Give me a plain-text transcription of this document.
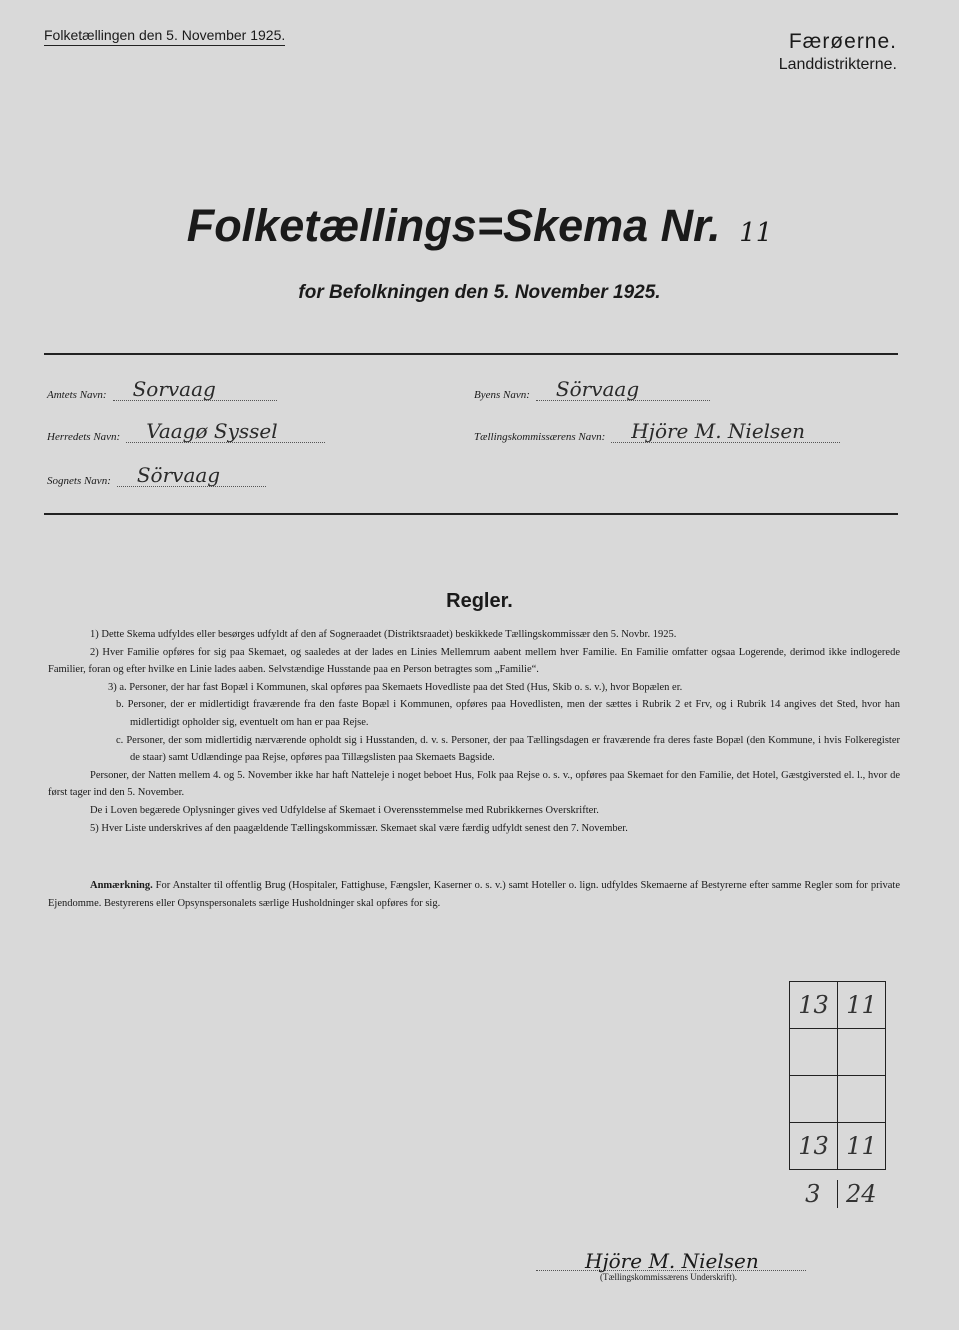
Folketællingen den 5. November 1925.	Færøerne.
Landdistrikterne.
Folketællings=Skema Nr. 11
for Befolkningen den 5. November 1925.
Amtets Navn:	Sorvaag	Byens Navn:	Sörvaag
Herredets Navn:	Vaagø Syssel	Tællingskommissærens Navn:	Hjöre M. Nielsen
Sognets Navn:	Sörvaag
Regler.

1) Dette Skema udfyldes eller besørges udfyldt af den af Sogneraadet (Distriktsraadet) beskikkede Tællingskommissær den 5. Novbr. 1925.

2) Hver Familie opføres for sig paa Skemaet, og saaledes at der lades en Linies Mellemrum aabent mellem hver Familie. En Familie omfatter ogsaa Logerende, derimod ikke indlogerede Familier, foran og efter hvilke en Linie lades aaben. Selvstændige Husstande paa en Person betragtes som „Familie“.

3) a. Personer, der har fast Bopæl i Kommunen, skal opføres paa Skemaets Hovedliste paa det Sted (Hus, Skib o. s. v.), hvor Bopælen er.

b. Personer, der er midlertidigt fraværende fra den faste Bopæl i Kommunen, opføres paa Hovedlisten, men der sættes i Rubrik 2 et Frv, og i Rubrik 14 angives det Sted, hvor han midlertidigt opholder sig, eventuelt om han er paa Rejse.

c. Personer, der som midlertidig nærværende opholdt sig i Husstanden, d. v. s. Personer, der paa Tællingsdagen er fraværende fra deres faste Bopæl (den Kommune, i hvis Folkeregister de staar) samt Udlændinge paa Rejse, opføres paa Tillægslisten paa Skemaets Bagside.

Personer, der Natten mellem 4. og 5. November ikke har haft Natteleje i noget beboet Hus, Folk paa Rejse o. s. v., opføres paa Skemaet for den Familie, det Hotel, Gæstgiversted el. l., hvor de først tager ind den 5. November.

De i Loven begærede Oplysninger gives ved Udfyldelse af Skemaet i Overensstemmelse med Rubrikkernes Overskrifter.

5) Hver Liste underskrives af den paagældende Tællingskommissær. Skemaet skal være færdig udfyldt senest den 7. November.

Anmærkning. For Anstalter til offentlig Brug (Hospitaler, Fattighuse, Fængsler, Kaserner o. s. v.) samt Hoteller o. lign. udfyldes Skemaerne af Bestyrerne efter samme Regler som for private Ejendomme. Bestyrerens eller Opsynspersonalets særlige Husholdninger skal opføres for sig.
13	11

13	11
3	24
Hjöre M. Nielsen
(Tællingskommissærens Underskrift).
